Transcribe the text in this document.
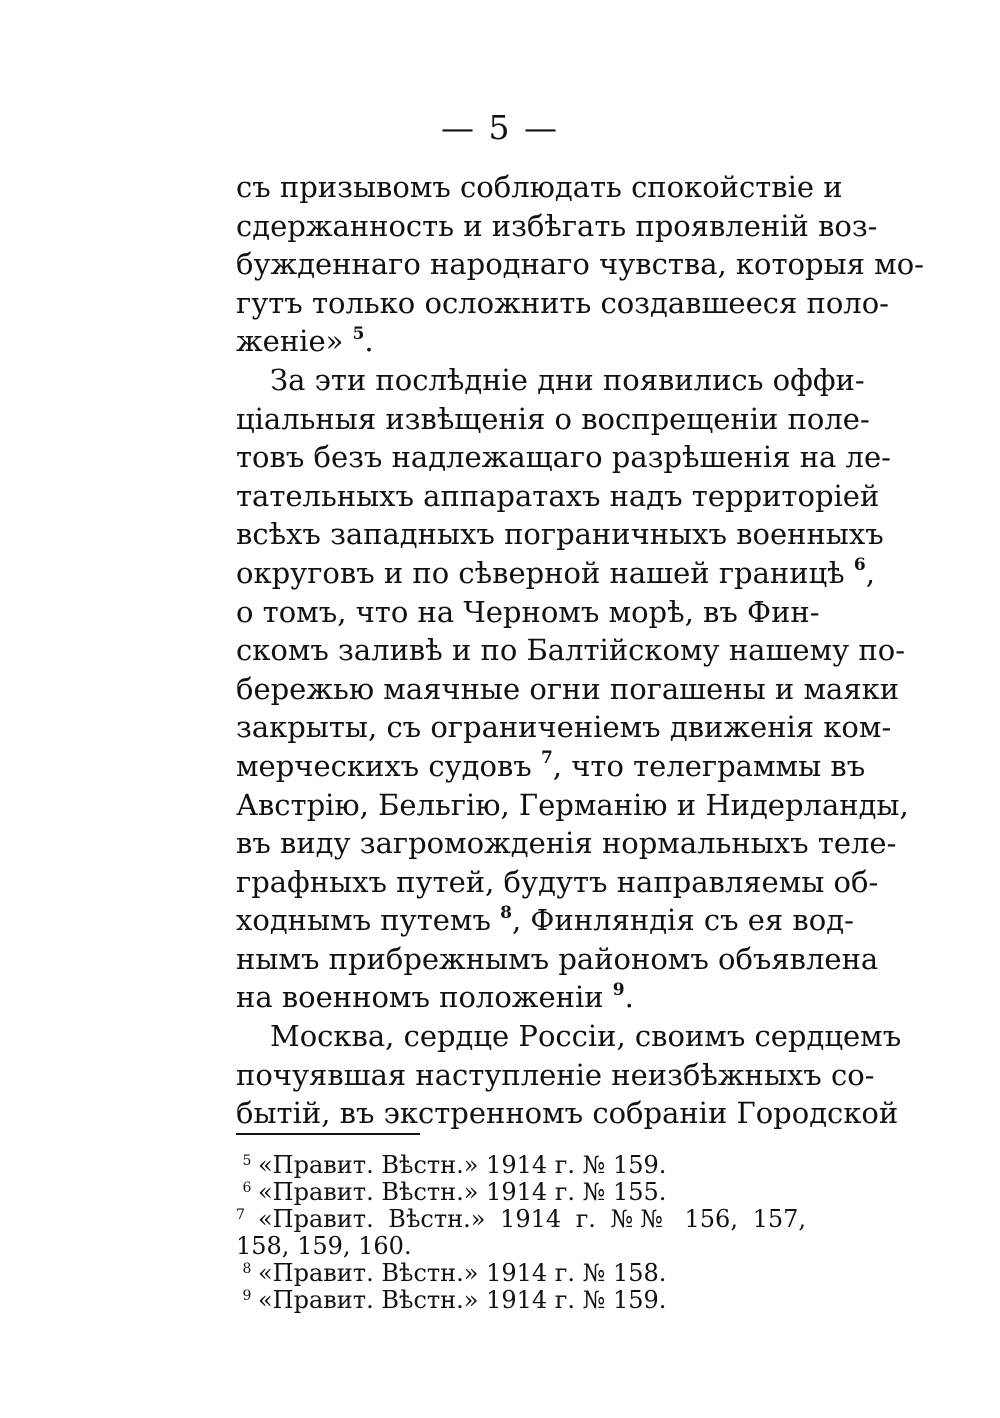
— 5 —
съ призывомъ соблюдать спокойствіе и
сдержанность и избѣгать проявленій воз-
бужденнаго народнаго чувства, которыя мо-
гутъ только осложнить создавшееся поло-
женіе» $^5$.
За эти послѣдніе дни появились оффи-
ціальныя извѣщенія о воспрещеніи поле-
товъ безъ надлежащаго разрѣшенія на ле-
тательныхъ аппаратахъ надъ территоріей
всѣхъ западныхъ пограничныхъ военныхъ
округовъ и по сѣверной нашей границѣ $^6$,
о томъ, что на Черномъ морѣ, въ Фин-
скомъ заливѣ и по Балтійскому нашему по-
бережью маячные огни погашены и маяки
закрыты, съ ограниченіемъ движенія ком-
мерческихъ судовъ $^7$, что телеграммы въ
Австрію, Бельгію, Германію и Нидерланды,
въ виду загроможденія нормальныхъ теле-
графныхъ путей, будутъ направляемы об-
ходнымъ путемъ $^8$, Финляндія съ ея вод-
нымъ прибрежнымъ райономъ объявлена
на военномъ положеніи $^9$.
Москва, сердце Россіи, своимъ сердцемъ
почуявшая наступленіе неизбѣжныхъ со-
бытій, въ экстренномъ собраніи Городской
5 «Правит. Вѣстн.» 1914 г. № 159.
6 «Правит. Вѣстн.» 1914 г. № 155.
7 «Правит. Вѣстн.» 1914 г. №№ 156, 157,
158, 159, 160.
8 «Правит. Вѣстн.» 1914 г. № 158.
9 «Правит. Вѣстн.» 1914 г. № 159.
